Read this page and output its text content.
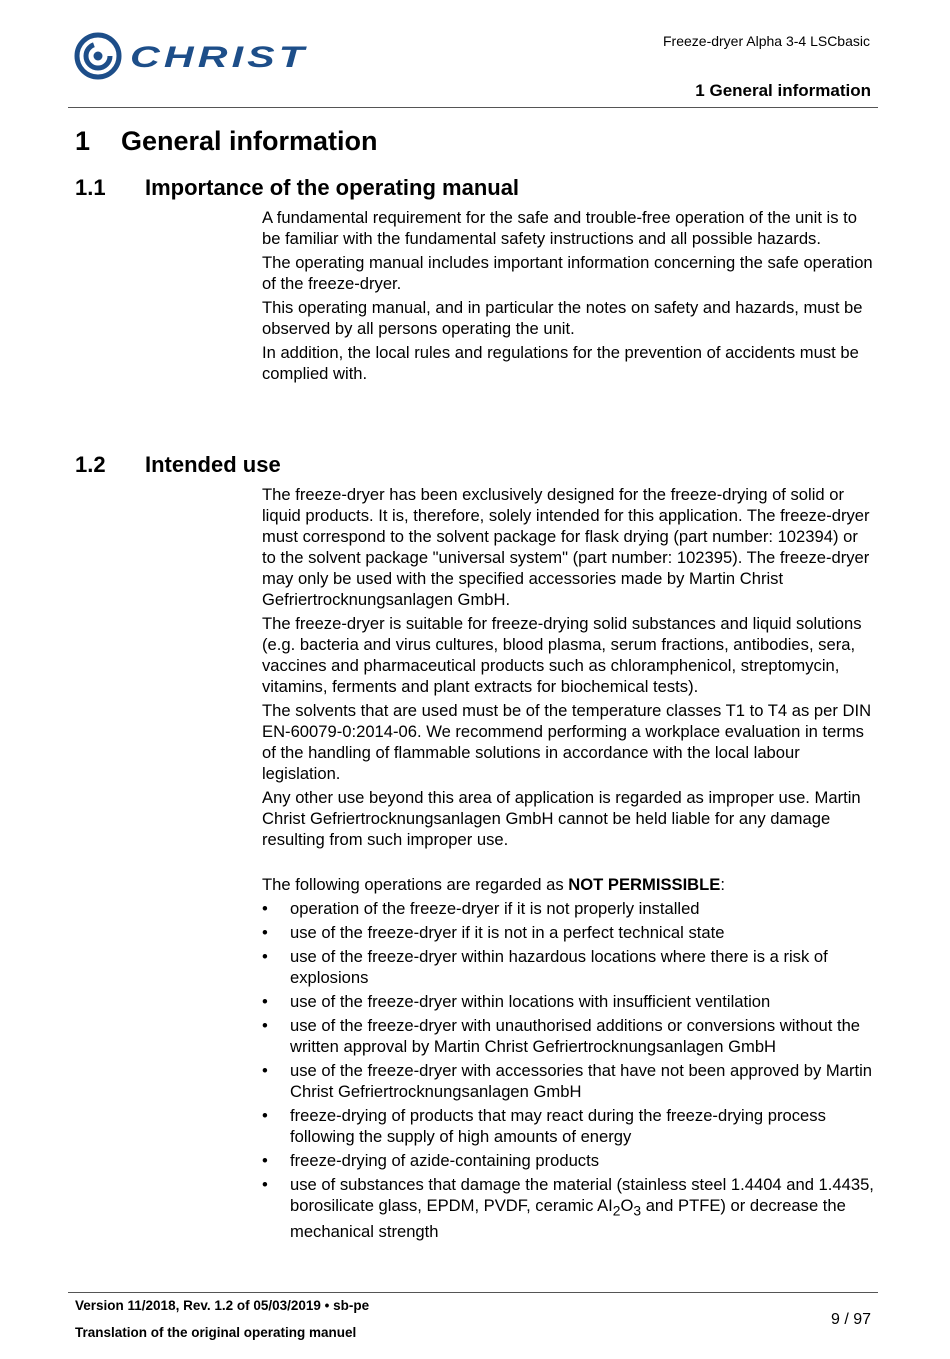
CHRIST	Freeze-dryer Alpha 3-4 LSCbasic
1 General information
1 General information
1.1 Importance of the operating manual

A fundamental requirement for the safe and trouble-free operation of the unit is to be familiar with the fundamental safety instructions and all possible hazards.

The operating manual includes important information concerning the safe operation of the freeze-dryer.

This operating manual, and in particular the notes on safety and hazards, must be observed by all persons operating the unit.

In addition, the local rules and regulations for the prevention of accidents must be complied with.

1.2 Intended use

The freeze-dryer has been exclusively designed for the freeze-drying of solid or liquid products. It is, therefore, solely intended for this application. The freeze-dryer must correspond to the solvent package for flask drying (part number: 102394) or to the solvent package "universal system" (part number: 102395). The freeze-dryer may only be used with the specified accessories made by Martin Christ Gefriertrocknungsanlagen GmbH.

The freeze-dryer is suitable for freeze-drying solid substances and liquid solutions (e.g. bacteria and virus cultures, blood plasma, serum fractions, antibodies, sera, vaccines and pharmaceutical products such as chloramphenicol, streptomycin, vitamins, ferments and plant extracts for biochemical tests).

The solvents that are used must be of the temperature classes T1 to T4 as per DIN EN-60079-0:2014-06. We recommend performing a workplace evaluation in terms of the handling of flammable solutions in accordance with the local labour legislation.

Any other use beyond this area of application is regarded as improper use. Martin Christ Gefriertrocknungsanlagen GmbH cannot be held liable for any damage resulting from such improper use.

The following operations are regarded as NOT PERMISSIBLE:

• operation of the freeze-dryer if it is not properly installed
• use of the freeze-dryer if it is not in a perfect technical state
• use of the freeze-dryer within hazardous locations where there is a risk of explosions
• use of the freeze-dryer within locations with insufficient ventilation
• use of the freeze-dryer with unauthorised additions or conversions without the written approval by Martin Christ Gefriertrocknungsanlagen GmbH
• use of the freeze-dryer with accessories that have not been approved by Martin Christ Gefriertrocknungsanlagen GmbH
• freeze-drying of products that may react during the freeze-drying process following the supply of high amounts of energy
• freeze-drying of azide-containing products
• use of substances that damage the material (stainless steel 1.4404 and 1.4435, borosilicate glass, EPDM, PVDF, ceramic $AI_2O_3$ and PTFE) or decrease the mechanical strength
Version 11/2018, Rev. 1.2 of 05/03/2019 • sb-pe
Translation of the original operating manuel
9 / 97
